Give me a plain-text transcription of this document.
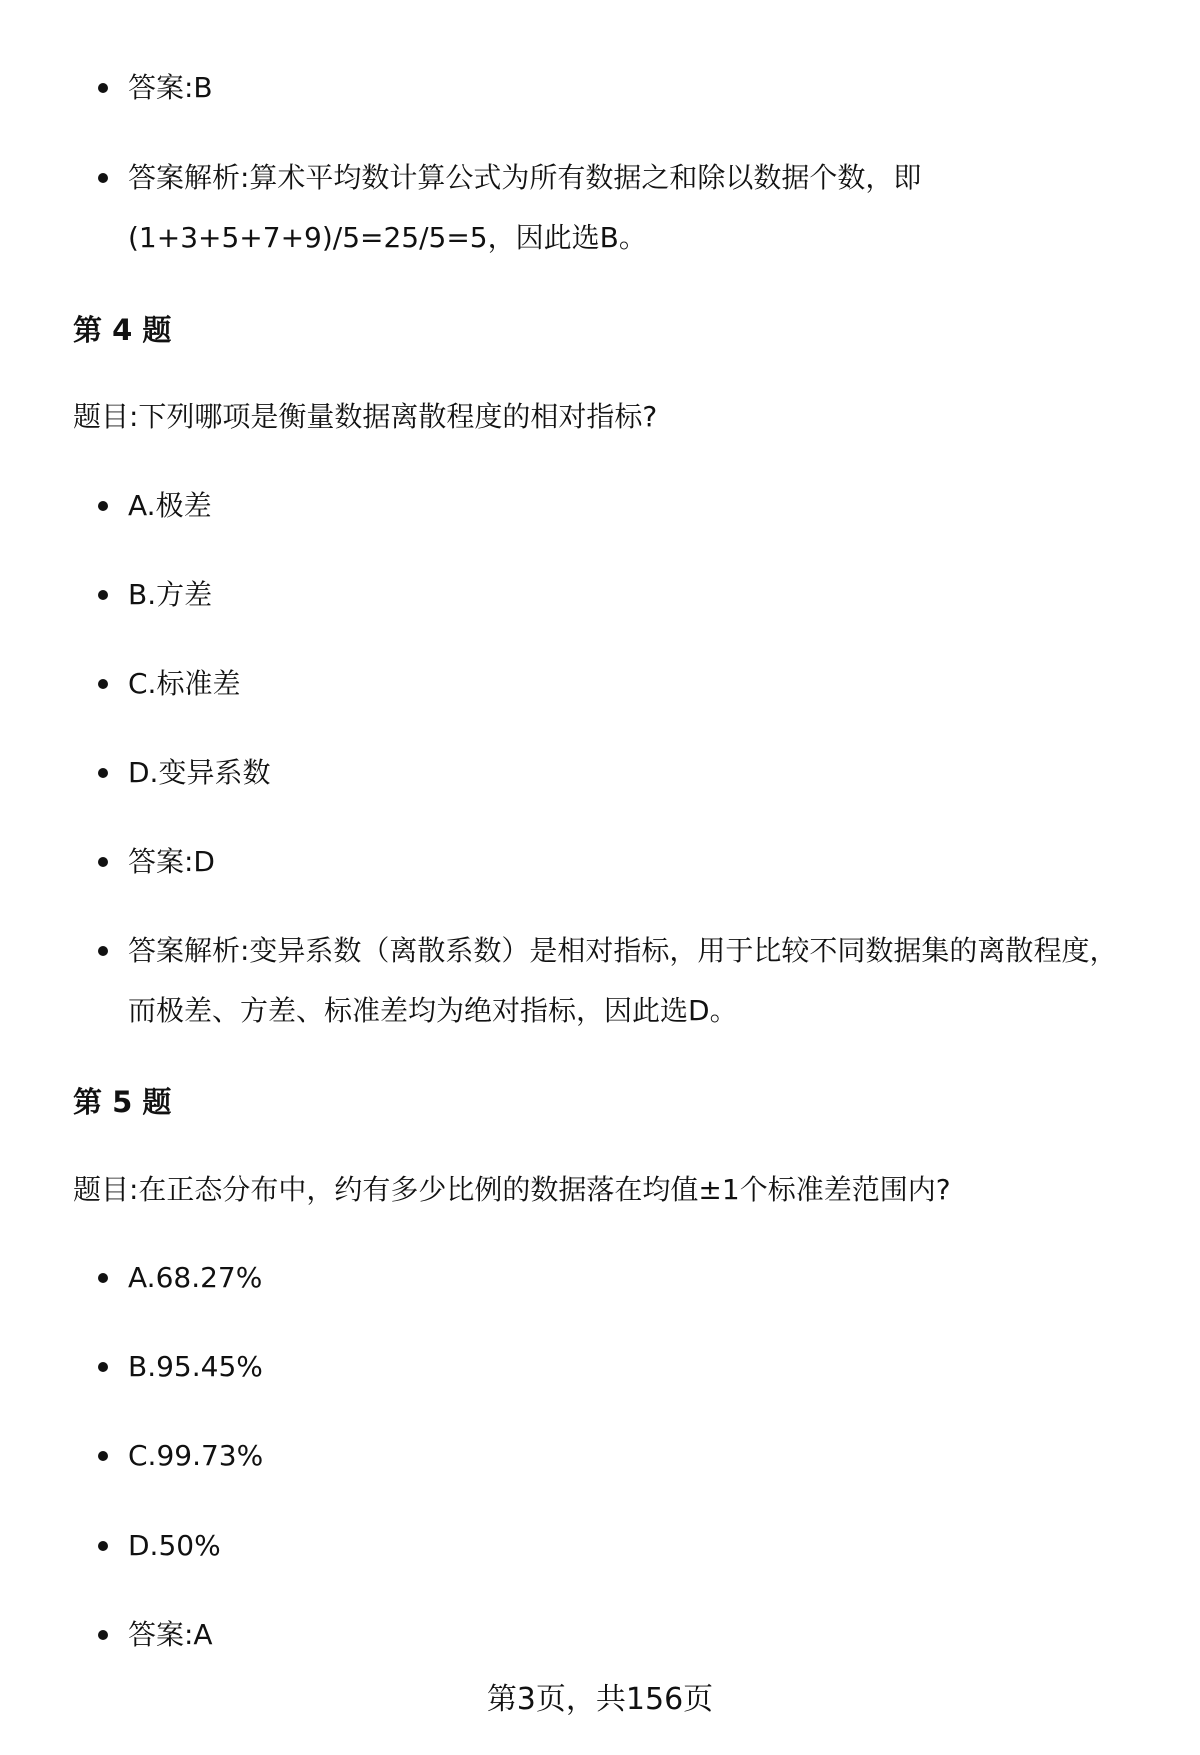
答案:B
答案解析:算术平均数计算公式为所有数据之和除以数据个数，即(1+3+5+7+9)/5=25/5=5，因此选B。
第 4 题
题目:下列哪项是衡量数据离散程度的相对指标?
A.极差
B.方差
C.标准差
D.变异系数
答案:D
答案解析:变异系数（离散系数）是相对指标，用于比较不同数据集的离散程度，而极差、方差、标准差均为绝对指标，因此选D。
第 5 题
题目:在正态分布中，约有多少比例的数据落在均值±1个标准差范围内?
A.68.27%
B.95.45%
C.99.73%
D.50%
答案:A
第3页，共156页
